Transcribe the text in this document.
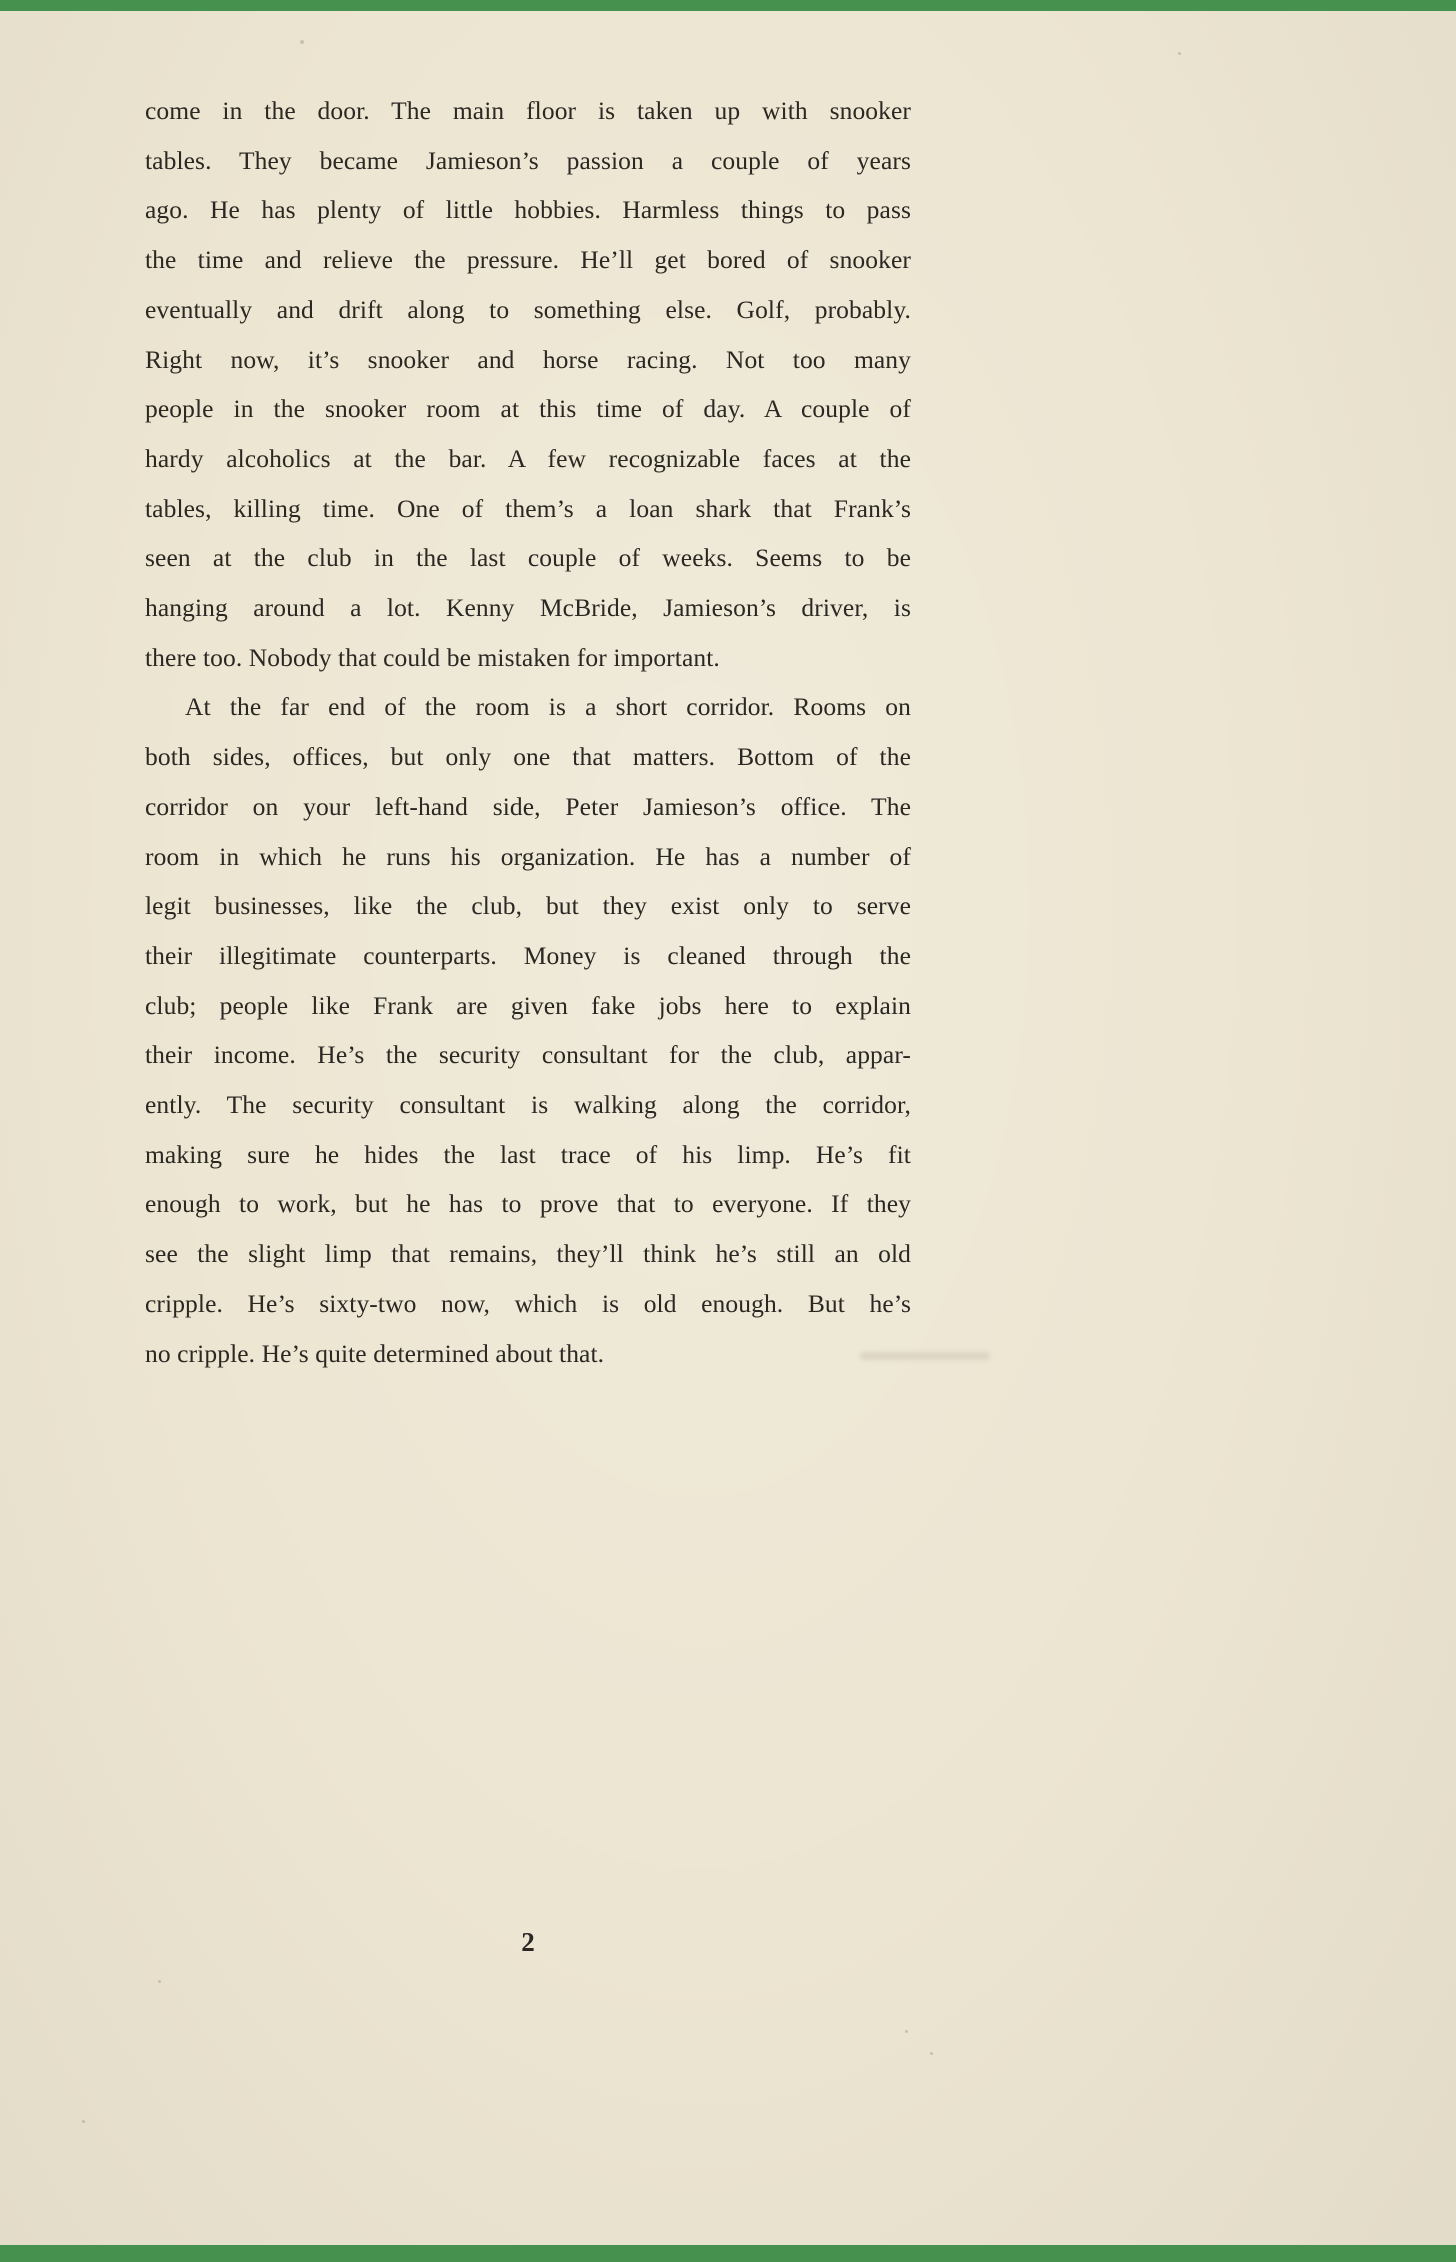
come in the door. The main floor is taken up with snooker
tables. They became Jamieson’s passion a couple of years
ago. He has plenty of little hobbies. Harmless things to pass
the time and relieve the pressure. He’ll get bored of snooker
eventually and drift along to something else. Golf, probably.
Right now, it’s snooker and horse racing. Not too many
people in the snooker room at this time of day. A couple of
hardy alcoholics at the bar. A few recognizable faces at the
tables, killing time. One of them’s a loan shark that Frank’s
seen at the club in the last couple of weeks. Seems to be
hanging around a lot. Kenny McBride, Jamieson’s driver, is
there too. Nobody that could be mistaken for important.

At the far end of the room is a short corridor. Rooms on
both sides, offices, but only one that matters. Bottom of the
corridor on your left-hand side, Peter Jamieson’s office. The
room in which he runs his organization. He has a number of
legit businesses, like the club, but they exist only to serve
their illegitimate counterparts. Money is cleaned through the
club; people like Frank are given fake jobs here to explain
their income. He’s the security consultant for the club, appar-
ently. The security consultant is walking along the corridor,
making sure he hides the last trace of his limp. He’s fit
enough to work, but he has to prove that to everyone. If they
see the slight limp that remains, they’ll think he’s still an old
cripple. He’s sixty-two now, which is old enough. But he’s
no cripple. He’s quite determined about that.

2
